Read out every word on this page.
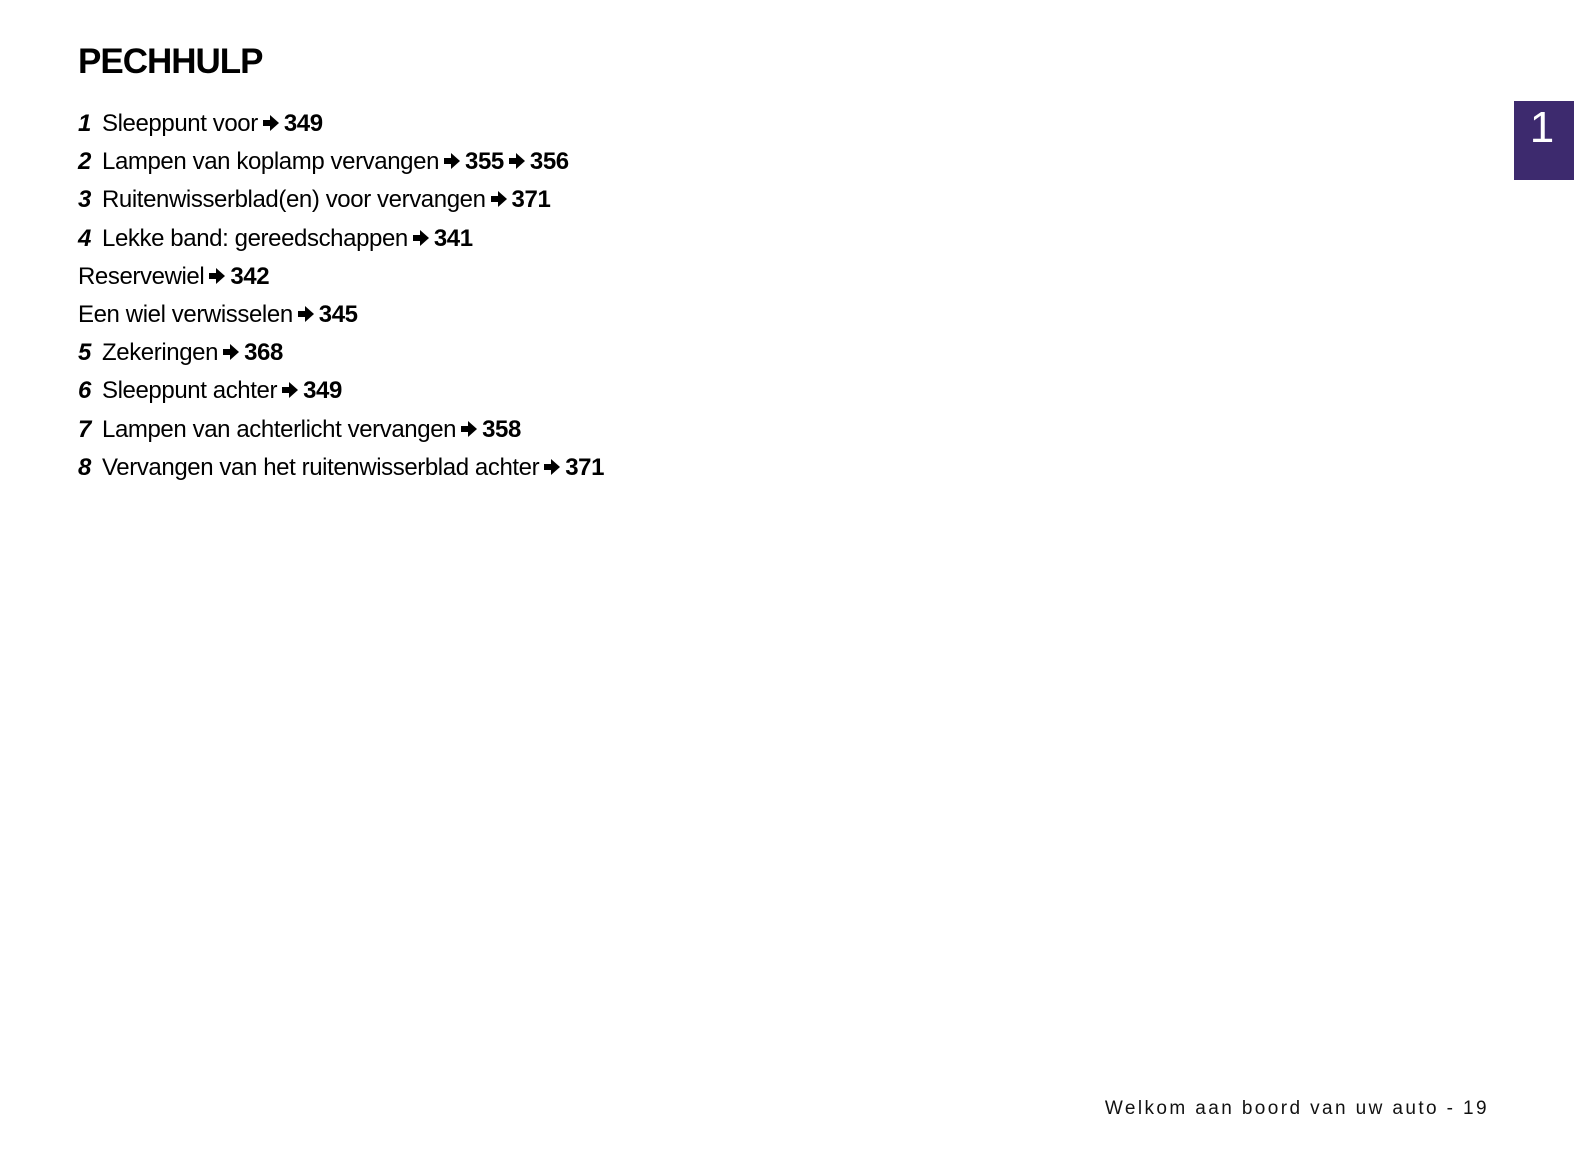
PECHHULP
1 Sleeppunt voor 349
2 Lampen van koplamp vervangen 355 356
3 Ruitenwisserblad(en) voor vervangen 371
4 Lekke band: gereedschappen 341
Reservewiel 342
Een wiel verwisselen 345
5 Zekeringen 368
6 Sleeppunt achter 349
7 Lampen van achterlicht vervangen 358
8 Vervangen van het ruitenwisserblad achter 371
1
Welkom aan boord van uw auto - 19
